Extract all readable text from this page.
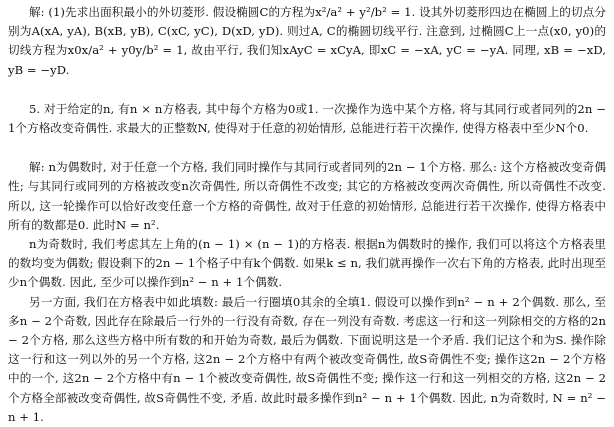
解: (1)先求出面积最小的外切菱形. 假设椭圆C的方程为x²/a² + y²/b² = 1. 设其外切菱形四边在椭圆上的切点分别为A(xA, yA), B(xB, yB), C(xC, yC), D(xD, yD). 则过A, C的椭圆切线平行. 注意到, 过椭圆C上一点(x0, y0)的切线方程为x0x/a² + y0y/b² = 1, 故由平行, 我们知xAyC = xCyA, 即xC = −xA, yC = −yA. 同理, xB = −xD, yB = −yD.

5. 对于给定的n, 有n × n方格表, 其中每个方格为0或1. 一次操作为选中某个方格, 将与其同行或者同列的2n − 1个方格改变奇偶性. 求最大的正整数N, 使得对于任意的初始情形, 总能进行若干次操作, 使得方格表中至少N个0.

解: n为偶数时, 对于任意一个方格, 我们同时操作与其同行或者同列的2n − 1个方格. 那么: 这个方格被改变奇偶性; 与其同行或同列的方格被改变n次奇偶性, 所以奇偶性不改变; 其它的方格被改变两次奇偶性, 所以奇偶性不改变. 所以, 这一轮操作可以恰好改变任意一个方格的奇偶性, 故对于任意的初始情形, 总能进行若干次操作, 使得方格表中所有的数都是0. 此时N = n².

n为奇数时, 我们考虑其左上角的(n − 1) × (n − 1)的方格表. 根据n为偶数时的操作, 我们可以将这个方格表里的数均变为偶数; 假设剩下的2n − 1个格子中有k个偶数. 如果k ≤ n, 我们就再操作一次右下角的方格表, 此时出现至少n个偶数. 因此, 至少可以操作到n² − n + 1个偶数.

另一方面, 我们在方格表中如此填数: 最后一行圈填0其余的全填1. 假设可以操作到n² − n + 2个偶数. 那么, 至多n − 2个奇数, 因此存在除最后一行外的一行没有奇数, 存在一列没有奇数. 考虑这一行和这一列除相交的方格的2n − 2个方格, 那么这些方格中所有数的和开始为奇数, 最后为偶数. 下面说明这是一个矛盾. 我们记这个和为S. 操作除这一行和这一列以外的另一个方格, 这2n − 2个方格中有两个被改变奇偶性, 故S奇偶性不变; 操作这2n − 2个方格中的一个, 这2n − 2个方格中有n − 1个被改变奇偶性, 故S奇偶性不变; 操作这一行和这一列相交的方格, 这2n − 2个方格全部被改变奇偶性, 故S奇偶性不变, 矛盾. 故此时最多操作到n² − n + 1个偶数. 因此, n为奇数时, N = n² − n + 1.
